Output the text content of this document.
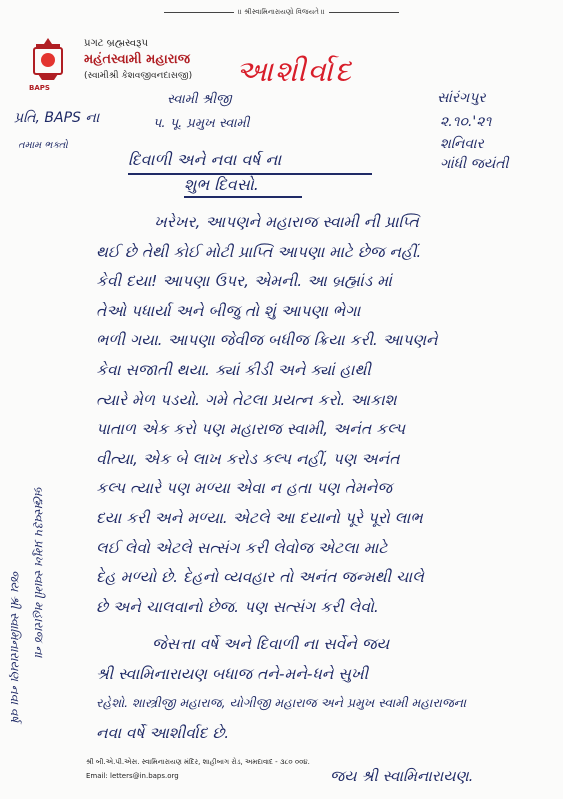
॥ શ્રીસ્વામિનારાયણો વિજયતે ॥
BAPS
પ્રગટ બ્રહ્મસ્વરૂપ
મહંતસ્વામી મહારાજ
(સ્વામીશ્રી કેશવજીવનદાસજી) આશીર્વાદ
સાંરંગપુર
૨.૧૦.'૨૧
શનિવાર
ગાંધી જયંતી
પ્રતિ, BAPS ના
તમામ ભક્તો
સ્વામી શ્રીજી
પ. પૂ. પ્રમુખ સ્વામી
દિવાળી અને નવા વર્ષ ના
શુભ દિવસો.
ખરેખર, આપણને મહારાજ સ્વામી ની પ્રાપ્તિ
થઈ છે તેથી કોઈ મોટી પ્રાપ્તિ આપણા માટે છેજ નહીં.
કેવી દયા! આપણા ઉપર, એમની. આ બ્રહ્માંડ માં
તેઓ પધાર્યા અને બીજુ તો શું આપણા ભેગા
ભળી ગયા. આપણા જેવીજ બધીજ ક્રિયા કરી. આપણને
કેવા સજાતી થયા. ક્યાં કીડી અને ક્યાં હાથી
ત્યારે મેળ પડયો. ગમે તેટલા પ્રયત્ન કરો. આકાશ
પાતાળ એક કરો પણ મહારાજ સ્વામી, અનંત કલ્પ
વીત્યા, એક બે લાખ કરોડ કલ્પ નહીં, પણ અનંત
કલ્પ ત્યારે પણ મળ્યા એવા ન હતા પણ તેમનેજ
દયા કરી અને મળ્યા. એટલે આ દયાનો પૂરે પૂરો લાભ
લઈ લેવો એટલે સત્સંગ કરી લેવોજ એટલા માટે
દેહ મળ્યો છે. દેહનો વ્યવહાર તો અનંત જન્મથી ચાલે
છે અને ચાલવાનો છેજ. પણ સત્સંગ કરી લેવો.
જેસત્તા વર્ષે અને દિવાળી ના સર્વેને જય
શ્રી સ્વામિનારાયણ બધાજ તને-મને-ધને સુખી
રહેશો. શાસ્ત્રીજી મહારાજ, યોગીજી મહારાજ અને પ્રમુખ સ્વામી મહારાજના
નવા વર્ષે આશીર્વાદ છે.
બ્રહ્મસ્વરૂપ પ્રમુખ સ્વામી મહારાજ ના
જય શ્રી સ્વામિનારાયણ નવા વર્ષ
જય શ્રી સ્વામિનારાયણ.
શ્રી બી.એ.પી.એસ. સ્વામિનારાયણ મંદિર, શાહીબાગ રોડ, અમદાવાદ - ૩૮૦ ૦૦૪.
Email: letters@in.baps.org
